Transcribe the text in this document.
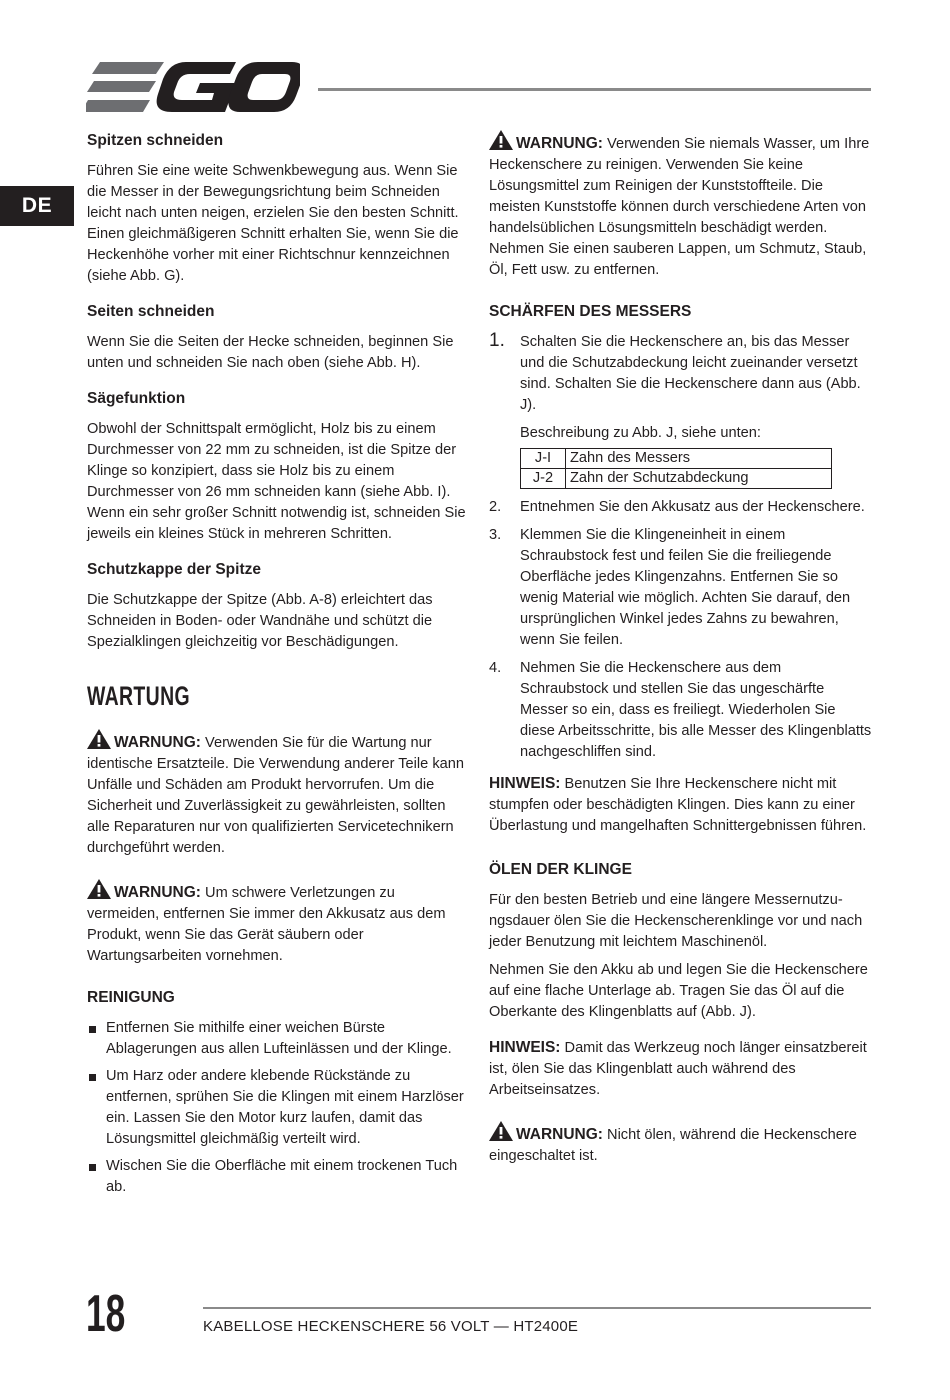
DE
Spitzen schneiden

Führen Sie eine weite Schwenkbewegung aus. Wenn Sie die Messer in der Bewegungsrichtung beim Schneiden leicht nach unten neigen, erzielen Sie den besten Schnitt. Einen gleichmäßigeren Schnitt erhalten Sie, wenn Sie die Heckenhöhe vorher mit einer Richtschnur kennzeichnen (siehe Abb. G).

Seiten schneiden

Wenn Sie die Seiten der Hecke schneiden, beginnen Sie unten und schneiden Sie nach oben (siehe Abb. H).

Sägefunktion

Obwohl der Schnittspalt ermöglicht, Holz bis zu einem Durchmesser von 22 mm zu schneiden, ist die Spitze der Klinge so konzipiert, dass sie Holz bis zu einem Durchmesser von 26 mm schneiden kann (siehe Abb. I). Wenn ein sehr großer Schnitt notwendig ist, schneiden Sie jeweils ein kleines Stück in mehreren Schritten.

Schutzkappe der Spitze

Die Schutzkappe der Spitze (Abb. A-8) erleichtert das Schneiden in Boden- oder Wandnähe und schützt die Spezialklingen gleichzeitig vor Beschädigungen.

WARTUNG
WARNUNG: Verwenden Sie für die Wartung nur identische Ersatzteile. Die Verwendung anderer Teile kann Unfälle und Schäden am Produkt hervorrufen. Um die Sicherheit und Zuverlässigkeit zu gewährleisten, sollten alle Reparaturen nur von qualifizierten Servicetechnikern durchgeführt werden.
WARNUNG: Um schwere Verletzungen zu vermeiden, entfernen Sie immer den Akkusatz aus dem Produkt, wenn Sie das Gerät säubern oder Wartungsarbeiten vornehmen.
REINIGUNG
Entfernen Sie mithilfe einer weichen Bürste Ablagerungen aus allen Lufteinlässen und der Klinge.
Um Harz oder andere klebende Rückstände zu entfernen, sprühen Sie die Klingen mit einem Harzlöser ein. Lassen Sie den Motor kurz laufen, damit das Lösungsmittel gleichmäßig verteilt wird.
Wischen Sie die Oberfläche mit einem trockenen Tuch ab.
WARNUNG: Verwenden Sie niemals Wasser, um Ihre Heckenschere zu reinigen. Verwenden Sie keine Lösungsmittel zum Reinigen der Kunststoffteile. Die meisten Kunststoffe können durch verschiedene Arten von handelsüblichen Lösungsmitteln beschädigt werden. Nehmen Sie einen sauberen Lappen, um Schmutz, Staub, Öl, Fett usw. zu entfernen.
SCHÄRFEN DES MESSERS
1. Schalten Sie die Heckenschere an, bis das Messer und die Schutzabdeckung leicht zueinander versetzt sind. Schalten Sie die Heckenschere dann aus (Abb. J).
Beschreibung zu Abb. J, siehe unten:
J-I	Zahn des Messers
J-2	Zahn der Schutzabdeckung
2. Entnehmen Sie den Akkusatz aus der Heckenschere.
3. Klemmen Sie die Klingeneinheit in einem Schraubstock fest und feilen Sie die freiliegende Oberfläche jedes Klingenzahns. Entfernen Sie so wenig Material wie möglich. Achten Sie darauf, den ursprünglichen Winkel jedes Zahns zu bewahren, wenn Sie feilen.
4. Nehmen Sie die Heckenschere aus dem Schraubstock und stellen Sie das ungeschärfte Messer so ein, dass es freiliegt. Wiederholen Sie diese Arbeitsschritte, bis alle Messer des Klingenblatts nachgeschliffen sind.

HINWEIS: Benutzen Sie Ihre Heckenschere nicht mit stumpfen oder beschädigten Klingen. Dies kann zu einer Überlastung und mangelhaften Schnittergebnissen führen.

ÖLEN DER KLINGE

Für den besten Betrieb und eine längere Messernutzu-ngsdauer ölen Sie die Heckenscherenklinge vor und nach jeder Benutzung mit leichtem Maschinenöl.

Nehmen Sie den Akku ab und legen Sie die Heckenschere auf eine flache Unterlage ab. Tragen Sie das Öl auf die Oberkante des Klingenblatts auf (Abb. J).

HINWEIS: Damit das Werkzeug noch länger einsatzbereit ist, ölen Sie das Klingenblatt auch während des Arbeitseinsatzes.

WARNUNG: Nicht ölen, während die Heckenschere eingeschaltet ist.
18	KABELLOSE HECKENSCHERE 56 VOLT — HT2400E
